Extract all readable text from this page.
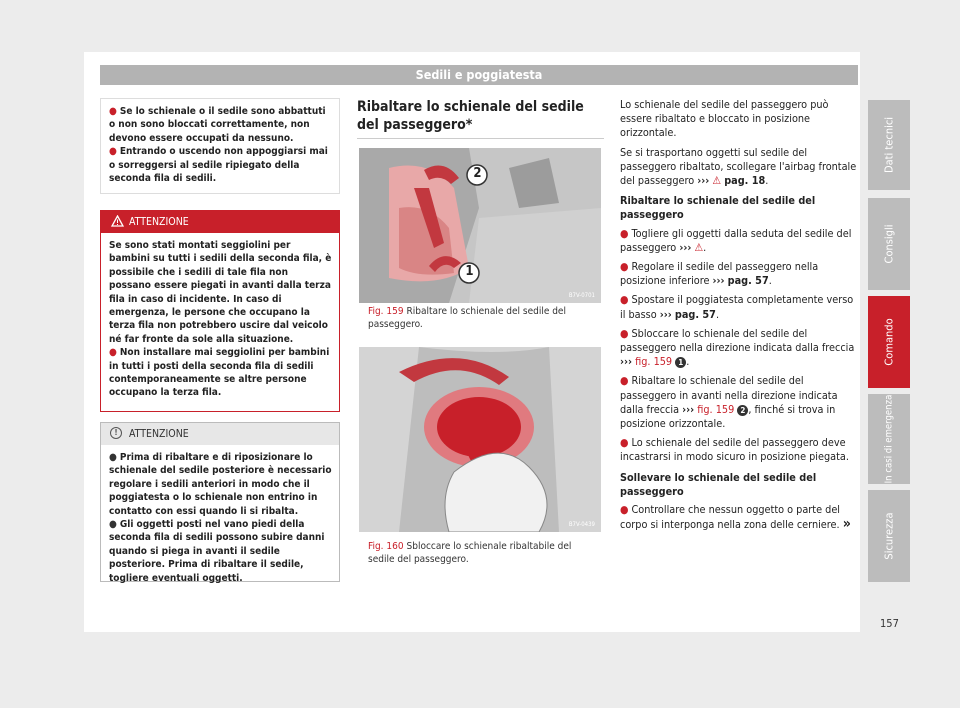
Sedili e poggiatesta
● Se lo schienale o il sedile sono abbattuti o non sono bloccati correttamente, non devono essere occupati da nessuno.
● Entrando o uscendo non appoggiarsi mai o sorreggersi al sedile ripiegato della seconda fila di sedili.
ATTENZIONE
Se sono stati montati seggiolini per bambini su tutti i sedili della seconda fila, è possibile che i sedili di tale fila non possano essere piegati in avanti dalla terza fila in caso di incidente. In caso di emergenza, le persone che occupano la terza fila non potrebbero uscire dal veicolo né far fronte da sole alla situazione.
● Non installare mai seggiolini per bambini in tutti i posti della seconda fila di sedili contemporaneamente se altre persone occupano la terza fila.
!	ATTENZIONE
● Prima di ribaltare e di riposizionare lo schienale del sedile posteriore è necessario regolare i sedili anteriori in modo che il poggiatesta o lo schienale non entrino in contatto con essi quando li si ribalta.
● Gli oggetti posti nel vano piedi della seconda fila di sedili possono subire danni quando si piega in avanti il sedile posteriore. Prima di ribaltare il sedile, togliere eventuali oggetti.
Ribaltare lo schienale del sedile del passeggero*
2
1
B7V-0701
Fig. 159 Ribaltare lo schienale del sedile del passeggero.
B7V-0439
Fig. 160 Sbloccare lo schienale ribaltabile del sedile del passeggero.

Lo schienale del sedile del passeggero può essere ribaltato e bloccato in posizione orizzontale.

Se si trasportano oggetti sul sedile del passeggero ribaltato, scollegare l'airbag frontale del passeggero ››› ⚠ pag. 18.

Ribaltare lo schienale del sedile del passeggero

● Togliere gli oggetti dalla seduta del sedile del passeggero ››› ⚠.

● Regolare il sedile del passeggero nella posizione inferiore ››› pag. 57.

● Spostare il poggiatesta completamente verso il basso ››› pag. 57.

● Sbloccare lo schienale del sedile del passeggero nella direzione indicata dalla freccia ››› fig. 159 1 .

● Ribaltare lo schienale del sedile del passeggero in avanti nella direzione indicata dalla freccia ››› fig. 159 2 , finché si trova in posizione orizzontale.

● Lo schienale del sedile del passeggero deve incastrarsi in modo sicuro in posizione piegata.

Sollevare lo schienale del sedile del passeggero

● Controllare che nessun oggetto o parte del corpo si interponga nella zona delle cerniere. »

Dati tecnici
Consigli
Comando
In casi di emergenza
Sicurezza
157
